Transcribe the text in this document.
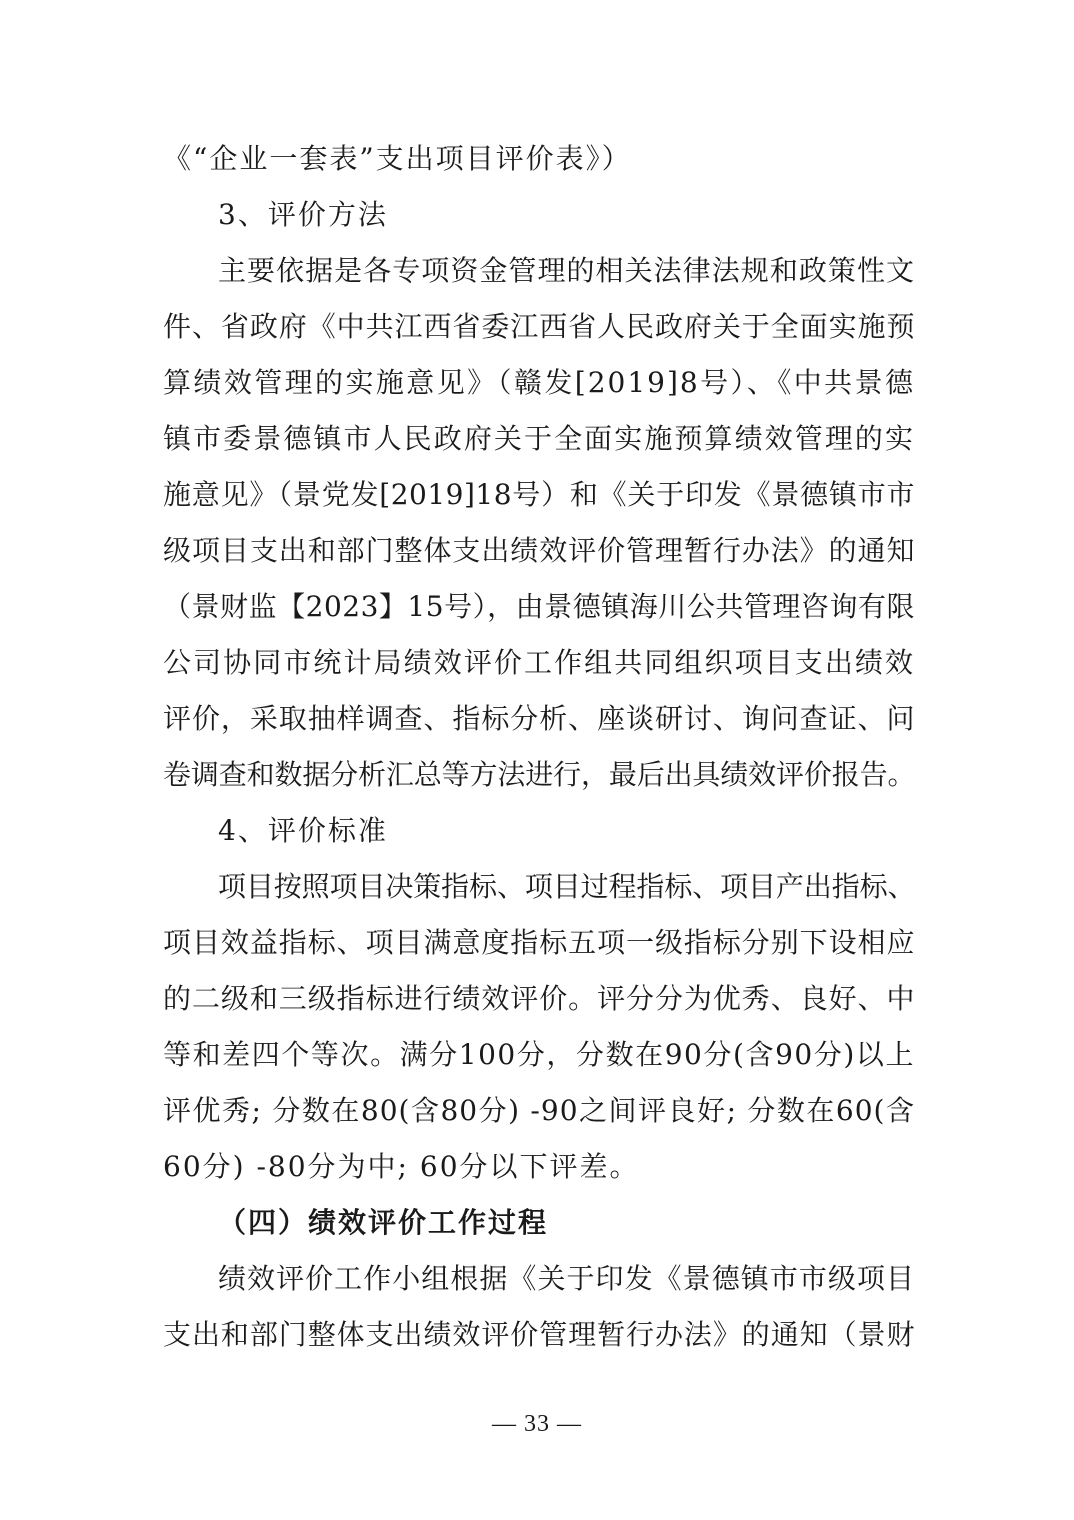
《“企业一套表”支出项目评价表》）
3、评价方法
主要依据是各专项资金管理的相关法律法规和政策性文
件、省政府《中共江西省委江西省人民政府关于全面实施预
算绩效管理的实施意见》（赣发[2019]8号）、《中共景德
镇市委景德镇市人民政府关于全面实施预算绩效管理的实
施意见》（景党发[2019]18号）和《关于印发《景德镇市市
级项目支出和部门整体支出绩效评价管理暂行办法》的通知
（景财监【2023】15号），由景德镇海川公共管理咨询有限
公司协同市统计局绩效评价工作组共同组织项目支出绩效
评价，采取抽样调查、指标分析、座谈研讨、询问查证、问
卷调查和数据分析汇总等方法进行，最后出具绩效评价报告。
4、评价标准
项目按照项目决策指标、项目过程指标、项目产出指标、
项目效益指标、项目满意度指标五项一级指标分别下设相应
的二级和三级指标进行绩效评价。评分分为优秀、良好、中
等和差四个等次。满分100分，分数在90分(含90分)以上
评优秀; 分数在80(含80分) -90之间评良好; 分数在60(含
60分) -80分为中; 60分以下评差。
（四）绩效评价工作过程
绩效评价工作小组根据《关于印发《景德镇市市级项目
支出和部门整体支出绩效评价管理暂行办法》的通知（景财
— 33 —
